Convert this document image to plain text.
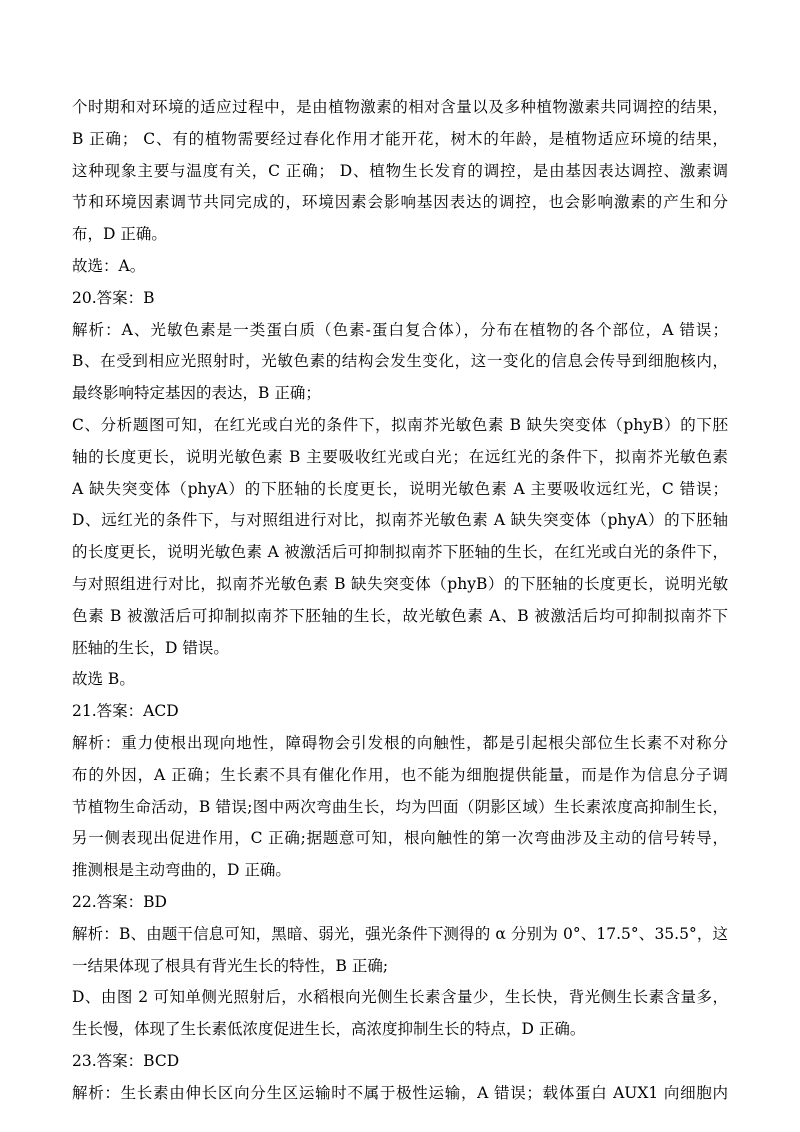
个时期和对环境的适应过程中，是由植物激素的相对含量以及多种植物激素共同调控的结果，
B 正确； C、有的植物需要经过春化作用才能开花，树木的年龄，是植物适应环境的结果，
这种现象主要与温度有关，C 正确； D、植物生长发育的调控，是由基因表达调控、激素调
节和环境因素调节共同完成的，环境因素会影响基因表达的调控，也会影响激素的产生和分
布，D 正确。
故选：A。
20.答案：B
解析：A、光敏色素是一类蛋白质（色素-蛋白复合体），分布在植物的各个部位，A 错误；
B、在受到相应光照射时，光敏色素的结构会发生变化，这一变化的信息会传导到细胞核内，
最终影响特定基因的表达，B 正确；
C、分析题图可知，在红光或白光的条件下，拟南芥光敏色素 B 缺失突变体（phyB）的下胚
轴的长度更长，说明光敏色素 B 主要吸收红光或白光；在远红光的条件下，拟南芥光敏色素
A 缺失突变体（phyA）的下胚轴的长度更长，说明光敏色素 A 主要吸收远红光，C 错误；
D、远红光的条件下，与对照组进行对比，拟南芥光敏色素 A 缺失突变体（phyA）的下胚轴
的长度更长，说明光敏色素 A 被激活后可抑制拟南芥下胚轴的生长，在红光或白光的条件下，
与对照组进行对比，拟南芥光敏色素 B 缺失突变体（phyB）的下胚轴的长度更长，说明光敏
色素 B 被激活后可抑制拟南芥下胚轴的生长，故光敏色素 A、B 被激活后均可抑制拟南芥下
胚轴的生长，D 错误。
故选 B。
21.答案：ACD
解析：重力使根出现向地性，障碍物会引发根的向触性，都是引起根尖部位生长素不对称分
布的外因，A 正确；生长素不具有催化作用，也不能为细胞提供能量，而是作为信息分子调
节植物生命活动，B 错误;图中两次弯曲生长，均为凹面（阴影区域）生长素浓度高抑制生长，
另一侧表现出促进作用，C 正确;据题意可知，根向触性的第一次弯曲涉及主动的信号转导，
推测根是主动弯曲的，D 正确。
22.答案：BD
解析：B、由题干信息可知，黑暗、弱光，强光条件下测得的 α 分别为 0°、17.5°、35.5°，这
一结果体现了根具有背光生长的特性，B 正确;
D、由图 2 可知单侧光照射后，水稻根向光侧生长素含量少，生长快，背光侧生长素含量多，
生长慢，体现了生长素低浓度促进生长，高浓度抑制生长的特点，D 正确。
23.答案：BCD
解析：生长素由伸长区向分生区运输时不属于极性运输，A 错误；载体蛋白 AUX1 向细胞内
